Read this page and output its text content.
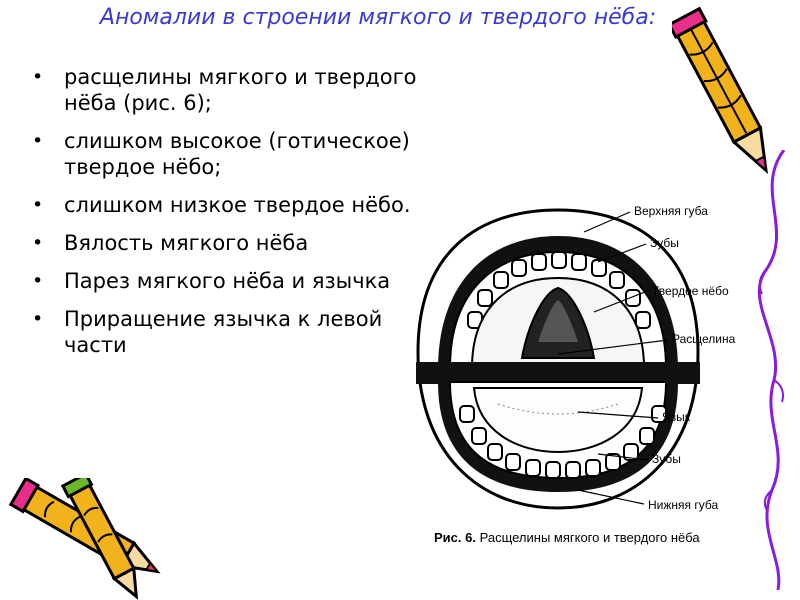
Аномалии в строении мягкого и твердого нёба:
• расщелины мягкого и твердого нёба (рис. 6);
• слишком высокое (готическое) твердое нёбо;
• слишком низкое твердое нёбо.
• Вялость мягкого нёба
• Парез мягкого нёба и язычка
• Приращение язычка к левой части
Верхняя губа
Зубы
Твердое нёбо
Расщелина
Язык
Зубы
Нижняя губа
Рис. 6. Расщелины мягкого и твердого нёба
